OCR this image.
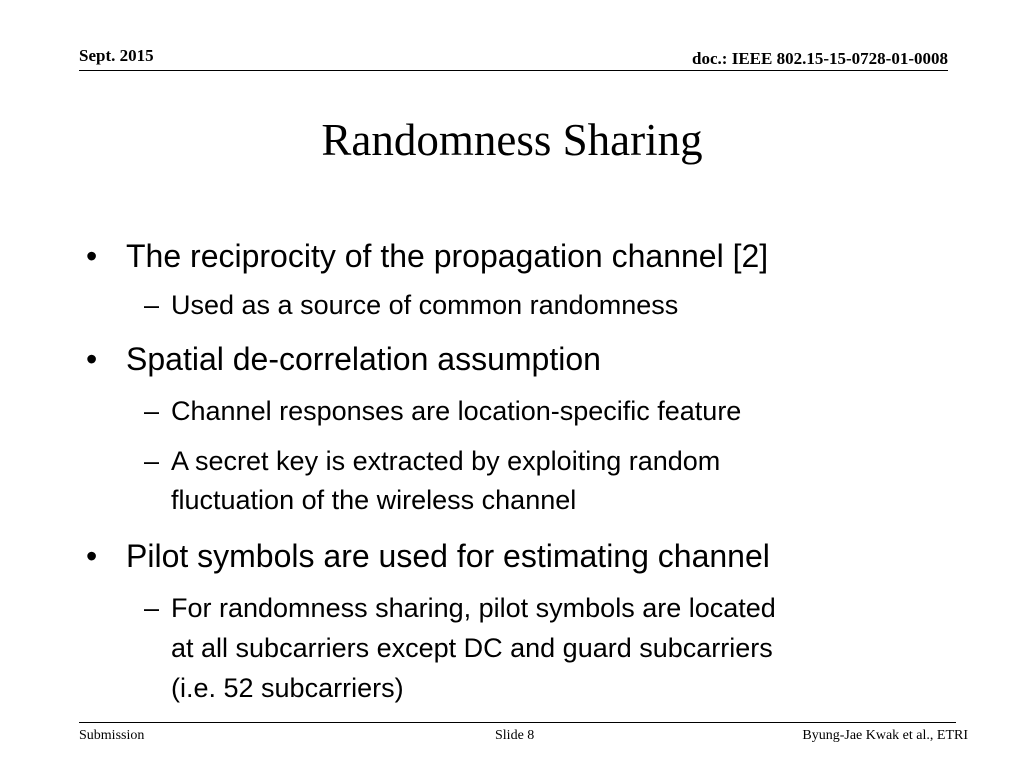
Sept. 2015	doc.: IEEE 802.15-15-0728-01-0008
Randomness Sharing
• The reciprocity of the propagation channel [2]
– Used as a source of common randomness
• Spatial de-correlation assumption
– Channel responses are location-specific feature
– A secret key is extracted by exploiting random
fluctuation of the wireless channel
• Pilot symbols are used for estimating channel
– For randomness sharing, pilot symbols are located
at all subcarriers except DC and guard subcarriers
(i.e. 52 subcarriers)
Submission	Slide 8	Byung-Jae Kwak et al., ETRI
